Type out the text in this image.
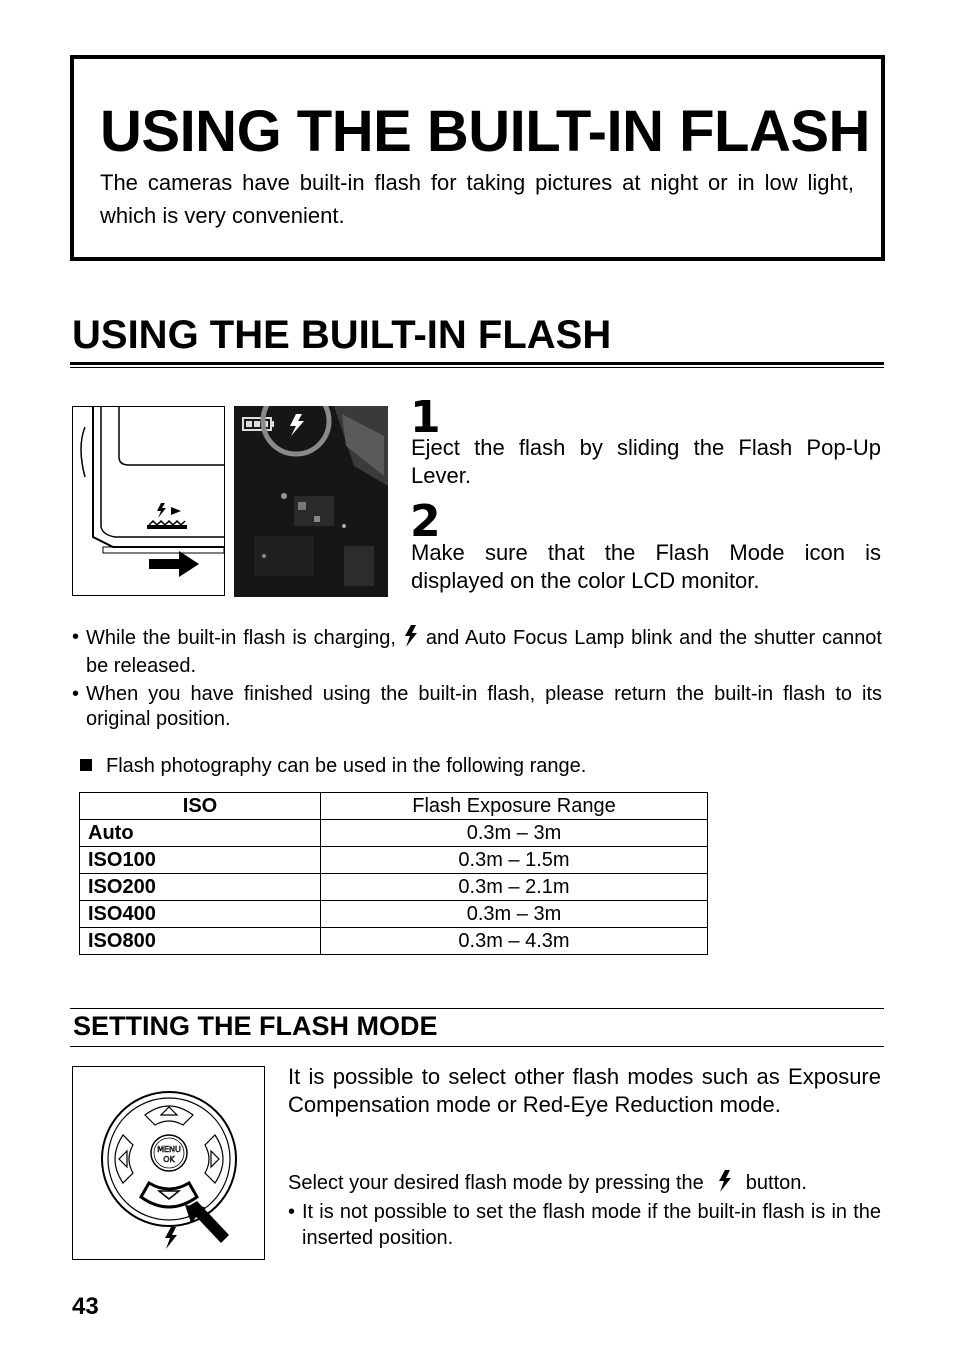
USING THE BUILT-IN FLASH
The cameras have built-in flash for taking pictures at night or in low light, which is very convenient.
USING THE BUILT-IN FLASH
1
Eject the flash by sliding the Flash Pop-Up Lever.
2
Make sure that the Flash Mode icon is displayed on the color LCD monitor.
• While the built-in flash is charging, and Auto Focus Lamp blink and the shutter cannot be released.
• When you have finished using the built-in flash, please return the built-in flash to its original position.
Flash photography can be used in the following range.
ISO	Flash Exposure Range
Auto	0.3m – 3m
ISO100	0.3m – 1.5m
ISO200	0.3m – 2.1m
ISO400	0.3m – 3m
ISO800	0.3m – 4.3m
SETTING THE FLASH MODE
MENU
OK
It is possible to select other flash modes such as Exposure Compensation mode or Red-Eye Reduction mode.
Select your desired flash mode by pressing the button.
• It is not possible to set the flash mode if the built-in flash is in the inserted position.
43
